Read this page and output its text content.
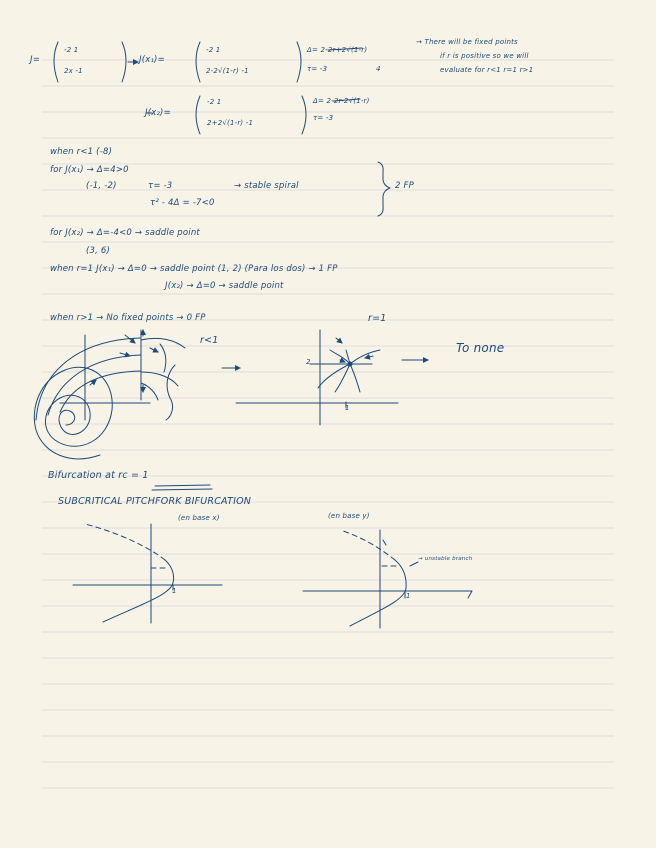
J=
-2 1
2x -1
J(x₁)=
-2 1
2-2√(1-r) -1
Δ= 2-2r+2√(1-r)
τ= -3	4
→ There will be fixed points
if r is positive so we will
evaluate for r<1 r=1 r>1
J(x₂)=
-2 1
2+2√(1-r) -1
Δ= 2-2r-2√(1-r)
τ= -3
when r<1 (-8)
for J(x₁) → Δ=4>0
(-1, -2)	τ= -3	→ stable spiral
τ² - 4Δ = -7<0
2 FP
for J(x₂) → Δ=-4<0 → saddle point
(3, 6)
when r=1 J(x₁) → Δ=0 → saddle point (1, 2) (Para los dos) → 1 FP
J(x₂) → Δ=0 → saddle point
when r>1 → No fixed points → 0 FP
r<1
r=1
To none
1
2
Bifurcation at rc = 1
SUBCRITICAL PITCHFORK BIFURCATION
(en base x)	(en base y)
→ unstable branch
1
1
